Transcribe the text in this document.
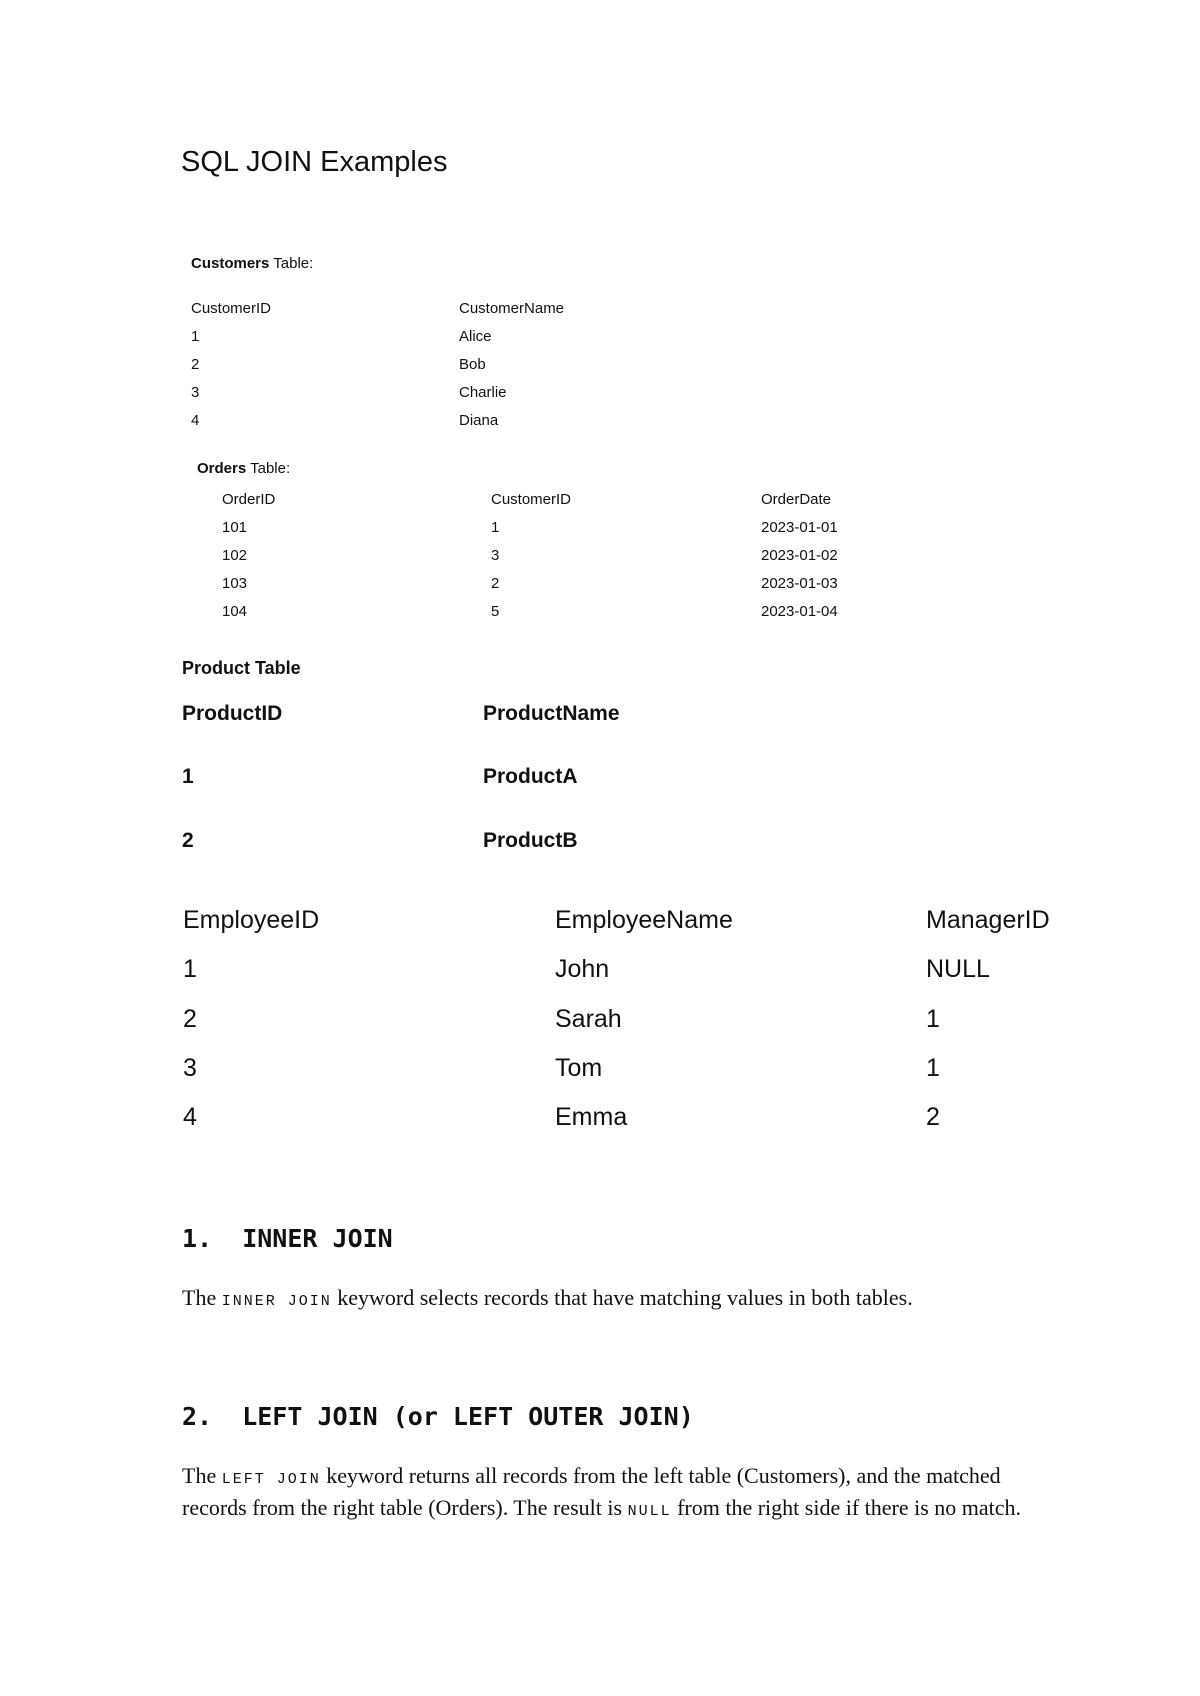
SQL JOIN Examples
Customers Table:
CustomerID	CustomerName
1	Alice
2	Bob
3	Charlie
4	Diana
Orders Table:
OrderID	CustomerID	OrderDate
101	1	2023-01-01
102	3	2023-01-02
103	2	2023-01-03
104	5	2023-01-04
Product Table
ProductID	ProductName
1	ProductA
2	ProductB
EmployeeID	EmployeeName	ManagerID
1	John	NULL
2	Sarah	1
3	Tom	1
4	Emma	2
1.  INNER JOIN
The INNER JOIN keyword selects records that have matching values in both tables.
2.  LEFT JOIN (or LEFT OUTER JOIN)
The LEFT JOIN keyword returns all records from the left table (Customers), and the matched records from the right table (Orders). The result is NULL from the right side if there is no match.
